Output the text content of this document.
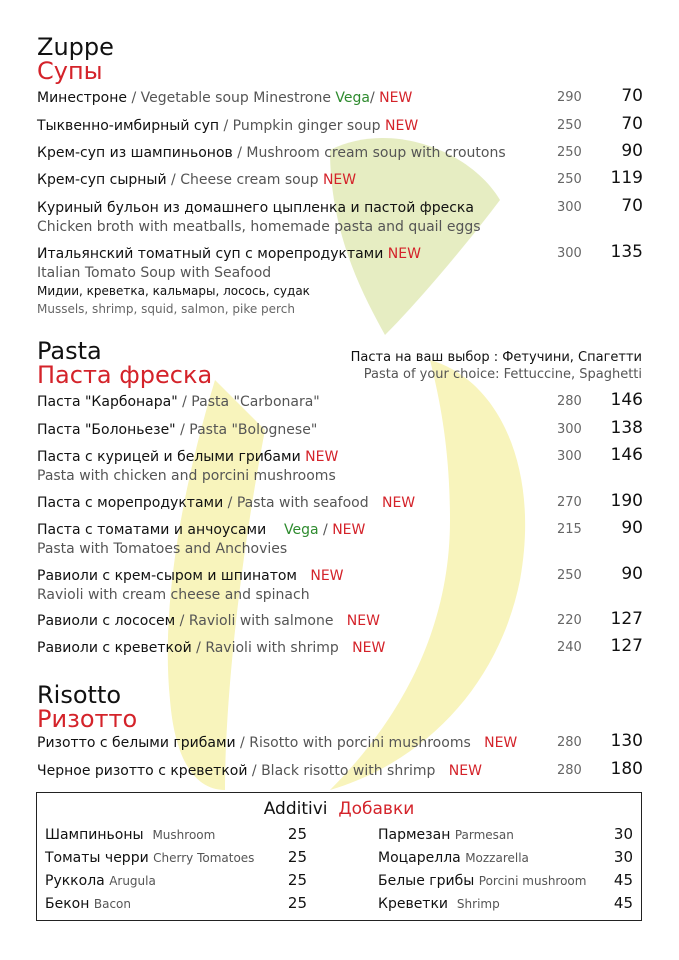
Zuppe
Супы
Минестроне / Vegetable soup Minestrone Vega/ NEW	290	70
Тыквенно-имбирный суп / Pumpkin ginger soup NEW	250	70
Крем-суп из шампиньонов / Mushroom cream soup with croutons	250	90
Крем-суп сырный / Cheese cream soup NEW	250	119
Куриный бульон из домашнего цыпленка и пастой фреска	300	70
Chicken broth with meatballs, homemade pasta and quail eggs
Итальянский томатный суп с морепродуктами NEW	300	135
Italian Tomato Soup with Seafood
Мидии, креветка, кальмары, лосось, судак
Mussels, shrimp, squid, salmon, pike perch
Pasta
Паста фреска
Паста на ваш выбор : Фетучини, Спагетти
Pasta of your choice: Fettuccine, Spaghetti
Паста "Карбонара" / Pasta "Carbonara"	280	146
Паста "Болоньезе" / Pasta "Bolognese"	300	138
Паста с курицей и белыми грибами NEW	300	146
Pasta with chicken and porcini mushrooms
Паста с морепродуктами / Pasta with seafood NEW	270	190
Паста с томатами и анчоусами Vega / NEW	215	90
Pasta with Tomatoes and Anchovies
Равиоли с крем-сыром и шпинатом NEW	250	90
Ravioli with cream cheese and spinach
Равиоли с лососем / Ravioli with salmone NEW	220	127
Равиоли с креветкой / Ravioli with shrimp NEW	240	127
Risotto
Ризотто
Ризотто с белыми грибами / Risotto with porcini mushrooms NEW	280	130
Черное ризотто с креветкой / Black risotto with shrimp NEW	280	180
Additivi Добавки
Шампиньоны Mushroom	25
Томаты черри Cherry Tomatoes	25
Руккола Arugula	25
Бекон Bacon	25
Пармезан Parmesan	30
Моцарелла Mozzarella	30
Белые грибы Porcini mushroom	45
Креветки Shrimp	45
